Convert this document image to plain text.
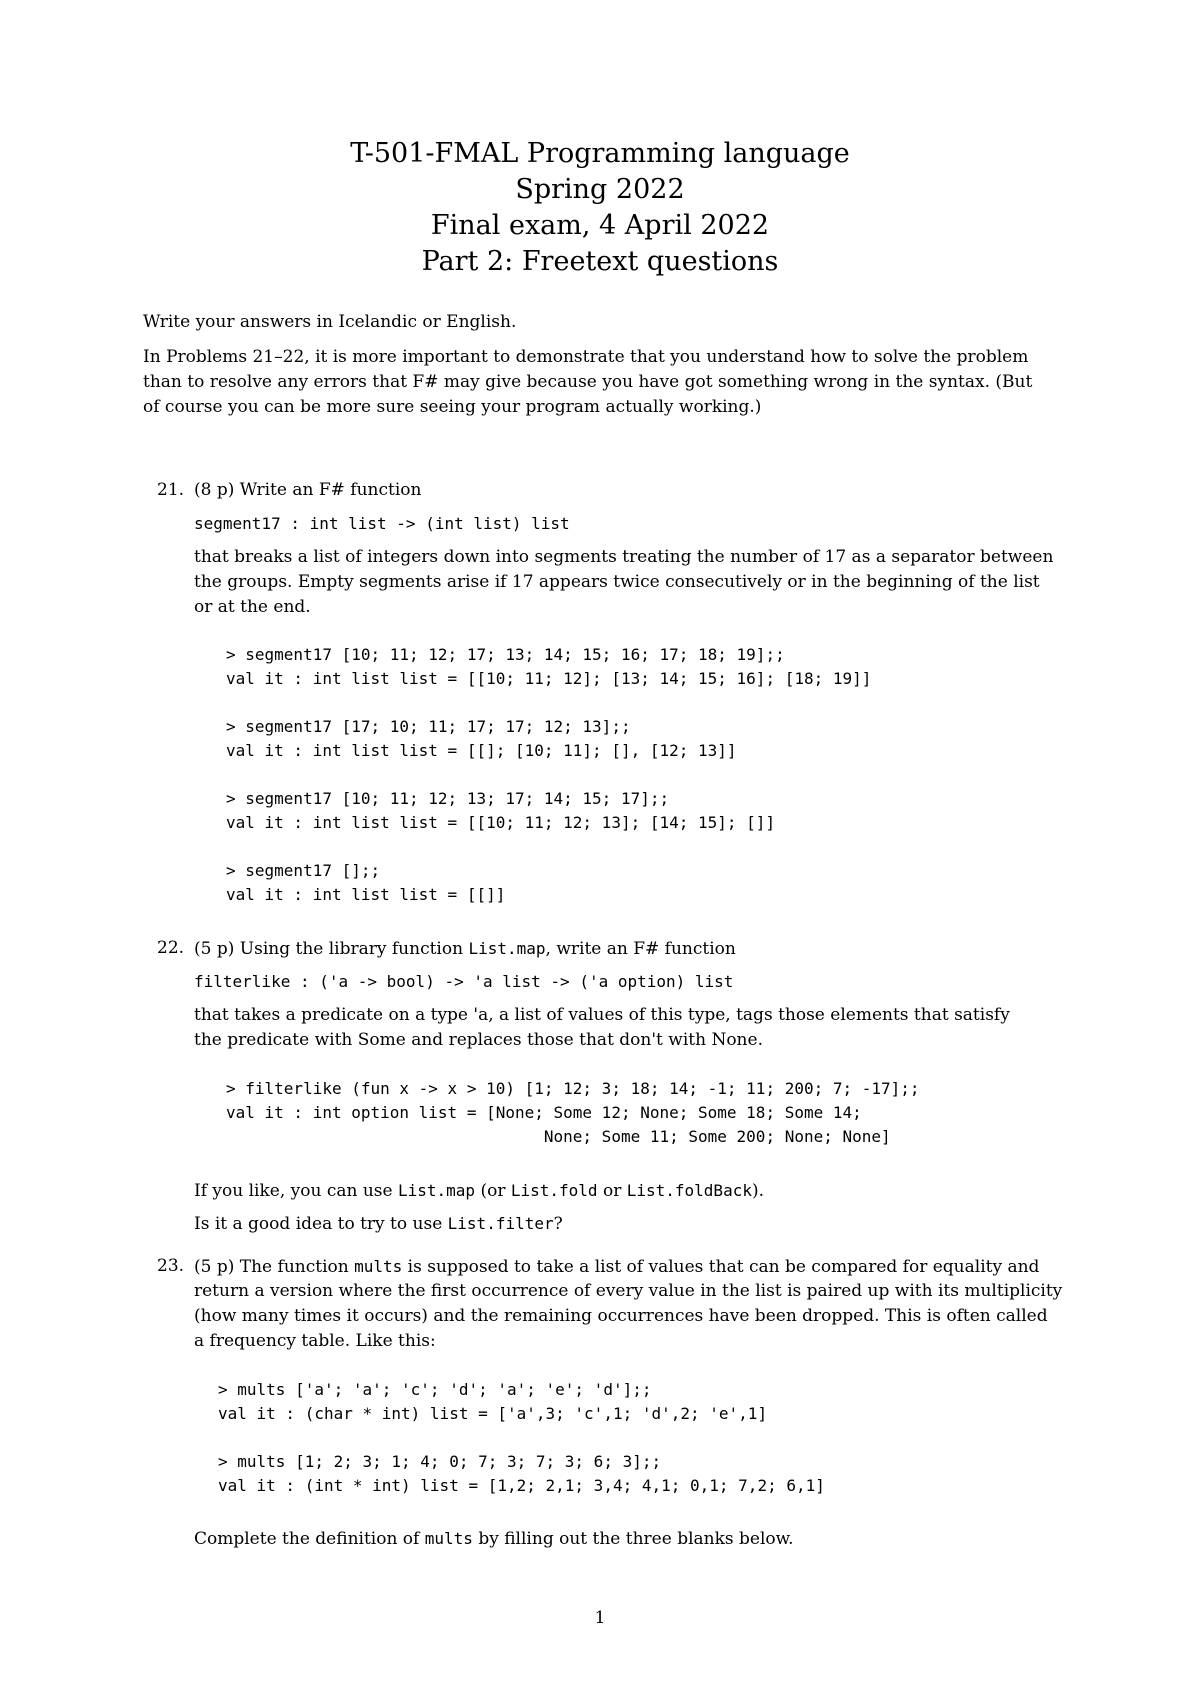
T-501-FMAL Programming language
Spring 2022
Final exam, 4 April 2022
Part 2: Freetext questions
Write your answers in Icelandic or English.
In Problems 21–22, it is more important to demonstrate that you understand how to solve the problem
than to resolve any errors that F# may give because you have got something wrong in the syntax. (But
of course you can be more sure seeing your program actually working.)
21. (8 p) Write an F# function
segment17 : int list -> (int list) list
that breaks a list of integers down into segments treating the number of 17 as a separator between
the groups. Empty segments arise if 17 appears twice consecutively or in the beginning of the list
or at the end.
> segment17 [10; 11; 12; 17; 13; 14; 15; 16; 17; 18; 19];;
val it : int list list = [[10; 11; 12]; [13; 14; 15; 16]; [18; 19]]
> segment17 [17; 10; 11; 17; 17; 12; 13];;
val it : int list list = [[]; [10; 11]; [], [12; 13]]
> segment17 [10; 11; 12; 13; 17; 14; 15; 17];;
val it : int list list = [[10; 11; 12; 13]; [14; 15]; []]
> segment17 [];;
val it : int list list = [[]]
22. (5 p) Using the library function List.map, write an F# function
filterlike : ('a -> bool) -> 'a list -> ('a option) list
that takes a predicate on a type 'a, a list of values of this type, tags those elements that satisfy
the predicate with Some and replaces those that don't with None.
> filterlike (fun x -> x > 10) [1; 12; 3; 18; 14; -1; 11; 200; 7; -17];;
val it : int option list = [None; Some 12; None; Some 18; Some 14;
None; Some 11; Some 200; None; None]
If you like, you can use List.map (or List.fold or List.foldBack).
Is it a good idea to try to use List.filter?
23. (5 p) The function mults is supposed to take a list of values that can be compared for equality and
return a version where the first occurrence of every value in the list is paired up with its multiplicity
(how many times it occurs) and the remaining occurrences have been dropped. This is often called
a frequency table. Like this:
> mults ['a'; 'a'; 'c'; 'd'; 'a'; 'e'; 'd'];;
val it : (char * int) list = ['a',3; 'c',1; 'd',2; 'e',1]
> mults [1; 2; 3; 1; 4; 0; 7; 3; 7; 3; 6; 3];;
val it : (int * int) list = [1,2; 2,1; 3,4; 4,1; 0,1; 7,2; 6,1]
Complete the definition of mults by filling out the three blanks below.
1
